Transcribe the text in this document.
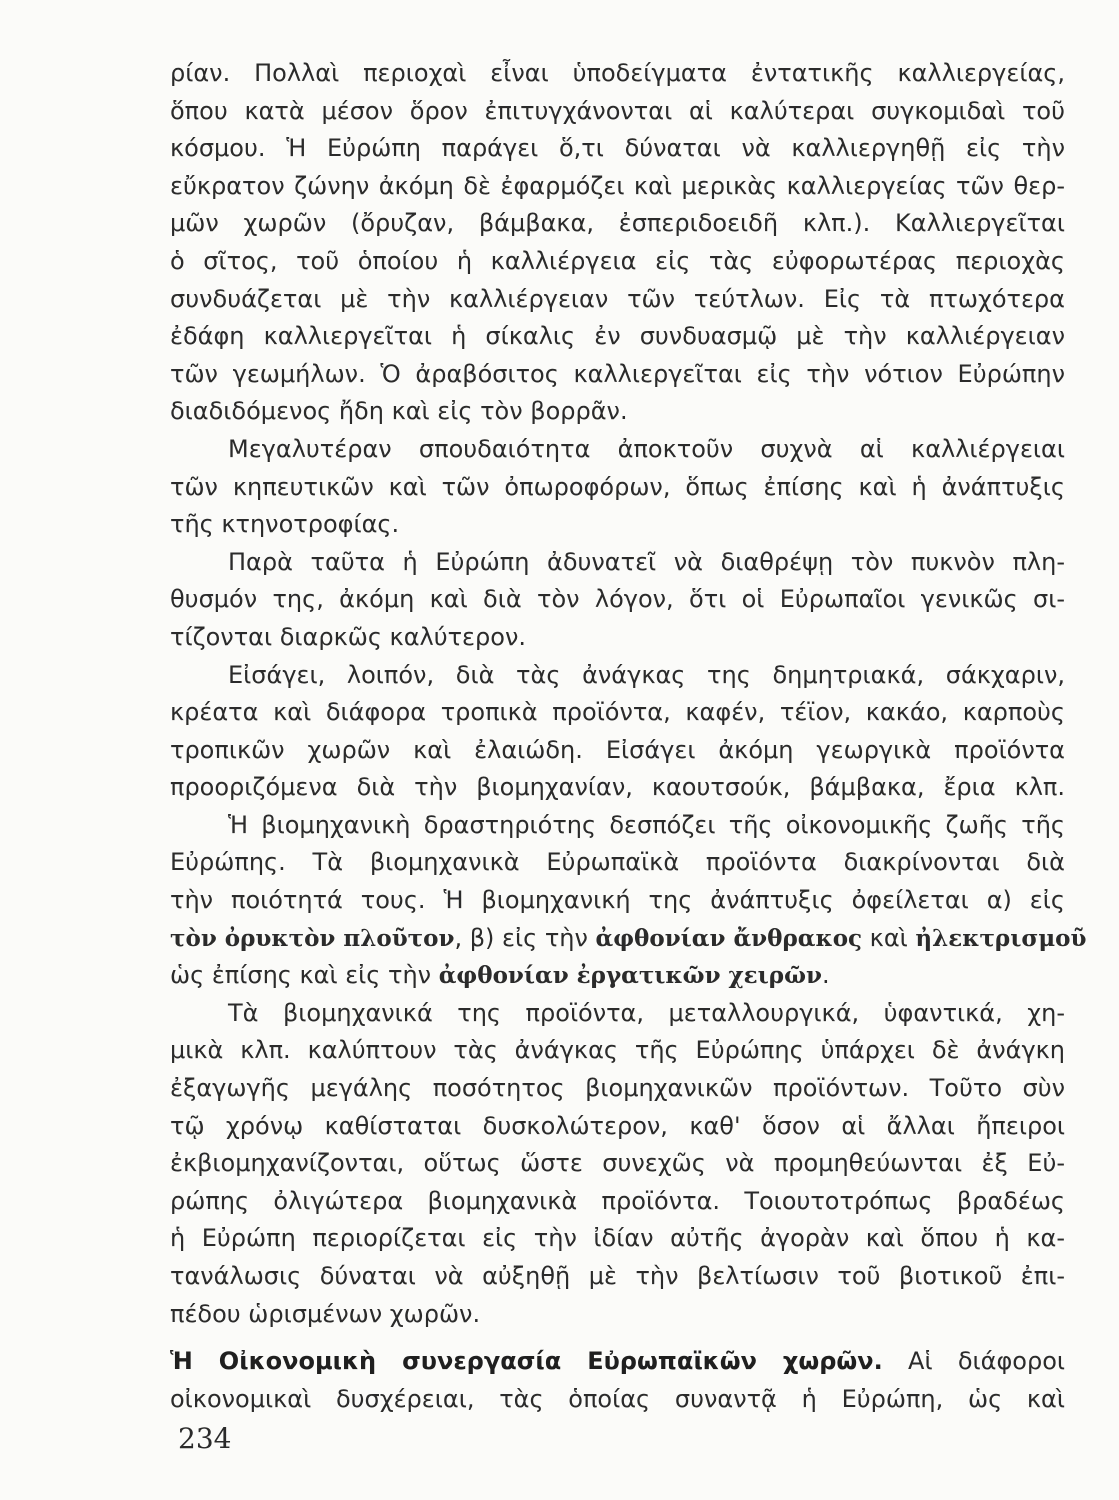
ρίαν. Πολλαὶ περιοχαὶ εἶναι ὑποδείγματα ἐντατικῆς καλλιεργείας,
ὅπου κατὰ μέσον ὅρον ἐπιτυγχάνονται αἱ καλύτεραι συγκομιδαὶ τοῦ
κόσμου. Ἡ Εὐρώπη παράγει ὅ,τι δύναται νὰ καλλιεργηθῇ εἰς τὴν
εὔκρατον ζώνην ἀκόμη δὲ ἐφαρμόζει καὶ μερικὰς καλλιεργείας τῶν θερ-
μῶν χωρῶν (ὄρυζαν, βάμβακα, ἐσπεριδοειδῆ κλπ.). Καλλιεργεῖται
ὁ σῖτος, τοῦ ὁποίου ἡ καλλιέργεια εἰς τὰς εὐφορωτέρας περιοχὰς
συνδυάζεται μὲ τὴν καλλιέργειαν τῶν τεύτλων. Εἰς τὰ πτωχότερα
ἐδάφη καλλιεργεῖται ἡ σίκαλις ἐν συνδυασμῷ μὲ τὴν καλλιέργειαν
τῶν γεωμήλων. Ὁ ἀραβόσιτος καλλιεργεῖται εἰς τὴν νότιον Εὐρώπην
διαδιδόμενος ἤδη καὶ εἰς τὸν βορρᾶν.
Μεγαλυτέραν σπουδαιότητα ἀποκτοῦν συχνὰ αἱ καλλιέργειαι
τῶν κηπευτικῶν καὶ τῶν ὀπωροφόρων, ὅπως ἐπίσης καὶ ἡ ἀνάπτυξις
τῆς κτηνοτροφίας.
Παρὰ ταῦτα ἡ Εὐρώπη ἀδυνατεῖ νὰ διαθρέψῃ τὸν πυκνὸν πλη-
θυσμόν της, ἀκόμη καὶ διὰ τὸν λόγον, ὅτι οἱ Εὐρωπαῖοι γενικῶς σι-
τίζονται διαρκῶς καλύτερον.
Εἰσάγει, λοιπόν, διὰ τὰς ἀνάγκας της δημητριακά, σάκχαριν,
κρέατα καὶ διάφορα τροπικὰ προϊόντα, καφέν, τέϊον, κακάο, καρποὺς
τροπικῶν χωρῶν καὶ ἐλαιώδη. Εἰσάγει ἀκόμη γεωργικὰ προϊόντα
προοριζόμενα διὰ τὴν βιομηχανίαν, καουτσούκ, βάμβακα, ἔρια κλπ.
Ἡ βιομηχανικὴ δραστηριότης δεσπόζει τῆς οἰκονομικῆς ζωῆς τῆς
Εὐρώπης. Τὰ βιομηχανικὰ Εὐρωπαϊκὰ προϊόντα διακρίνονται διὰ
τὴν ποιότητά τους. Ἡ βιομηχανική της ἀνάπτυξις ὀφείλεται α) εἰς
τὸν ὀρυκτὸν πλοῦτον, β) εἰς τὴν ἀφθονίαν ἄνθρακος καὶ ἠλεκτρισμοῦ
ὡς ἐπίσης καὶ εἰς τὴν ἀφθονίαν ἐργατικῶν χειρῶν.
Τὰ βιομηχανικά της προϊόντα, μεταλλουργικά, ὑφαντικά, χη-
μικὰ κλπ. καλύπτουν τὰς ἀνάγκας τῆς Εὐρώπης ὑπάρχει δὲ ἀνάγκη
ἐξαγωγῆς μεγάλης ποσότητος βιομηχανικῶν προϊόντων. Τοῦτο σὺν
τῷ χρόνῳ καθίσταται δυσκολώτερον, καθ' ὅσον αἱ ἄλλαι ἤπειροι
ἐκβιομηχανίζονται, οὕτως ὥστε συνεχῶς νὰ προμηθεύωνται ἐξ Εὐ-
ρώπης ὀλιγώτερα βιομηχανικὰ προϊόντα. Τοιουτοτρόπως βραδέως
ἡ Εὐρώπη περιορίζεται εἰς τὴν ἰδίαν αὐτῆς ἀγορὰν καὶ ὅπου ἡ κα-
τανάλωσις δύναται νὰ αὐξηθῇ μὲ τὴν βελτίωσιν τοῦ βιοτικοῦ ἐπι-
πέδου ὡρισμένων χωρῶν.
Ἡ Οἰκονομικὴ συνεργασία Εὐρωπαϊκῶν χωρῶν. Αἱ διάφοροι
οἰκονομικαὶ δυσχέρειαι, τὰς ὁποίας συναντᾷ ἡ Εὐρώπη, ὡς καὶ
234
